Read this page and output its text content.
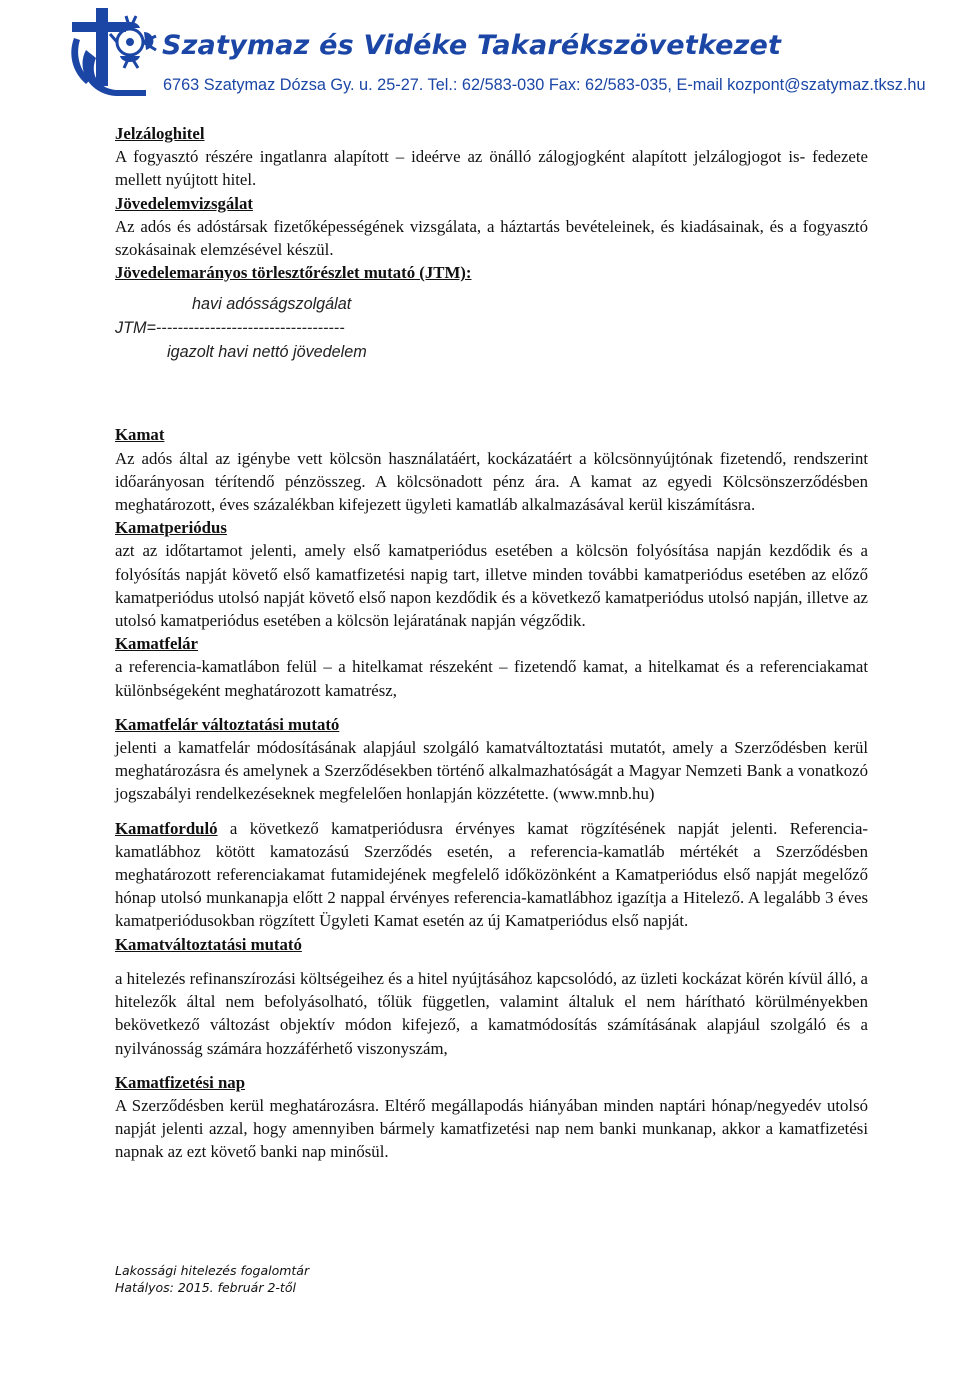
Szatymaz és Vidéke Takarékszövetkezet
6763 Szatymaz Dózsa Gy. u. 25-27. Tel.: 62/583-030 Fax: 62/583-035, E-mail kozpont@szatymaz.tksz.hu

Jelzáloghitel

A fogyasztó részére ingatlanra alapított – ideérve az önálló zálogjogként alapított jelzálogjogot is- fedezete mellett nyújtott hitel.

Jövedelemvizsgálat

Az adós és adóstársak fizetőképességének vizsgálata, a háztartás bevételeinek, és kiadásainak, és a fogyasztó szokásainak elemzésével készül.

Jövedelemarányos törlesztőrészlet mutató (JTM):

havi adósságszolgálat
JTM=-----------------------------------
igazolt havi nettó jövedelem

Kamat

Az adós által az igénybe vett kölcsön használatáért, kockázatáért a kölcsönnyújtónak fizetendő, rendszerint időarányosan térítendő pénzösszeg. A kölcsönadott pénz ára. A kamat az egyedi Kölcsönszerződésben meghatározott, éves százalékban kifejezett ügyleti kamatláb alkalmazásával kerül kiszámításra.

Kamatperiódus

azt az időtartamot jelenti, amely első kamatperiódus esetében a kölcsön folyósítása napján kezdődik és a folyósítás napját követő első kamatfizetési napig tart, illetve minden további kamatperiódus esetében az előző kamatperiódus utolsó napját követő első napon kezdődik és a következő kamatperiódus utolsó napján, illetve az utolsó kamatperiódus esetében a kölcsön lejáratának napján végződik.

Kamatfelár

a referencia-kamatlábon felül – a hitelkamat részeként – fizetendő kamat, a hitelkamat és a referenciakamat különbségeként meghatározott kamatrész,

Kamatfelár változtatási mutató

jelenti a kamatfelár módosításának alapjául szolgáló kamatváltoztatási mutatót, amely a Szerződésben kerül meghatározásra és amelynek a Szerződésekben történő alkalmazhatóságát a Magyar Nemzeti Bank a vonatkozó jogszabályi rendelkezéseknek megfelelően honlapján közzétette. (www.mnb.hu)

Kamatforduló a következő kamatperiódusra érvényes kamat rögzítésének napját jelenti. Referencia-kamatlábhoz kötött kamatozású Szerződés esetén, a referencia-kamatláb mértékét a Szerződésben meghatározott referenciakamat futamidejének megfelelő időközönként a Kamatperiódus első napját megelőző hónap utolsó munkanapja előtt 2 nappal érvényes referencia-kamatlábhoz igazítja a Hitelező. A legalább 3 éves kamatperiódusokban rögzített Ügyleti Kamat esetén az új Kamatperiódus első napját.

Kamatváltoztatási mutató

a hitelezés refinanszírozási költségeihez és a hitel nyújtásához kapcsolódó, az üzleti kockázat körén kívül álló, a hitelezők által nem befolyásolható, tőlük független, valamint általuk el nem hárítható körülményekben bekövetkező változást objektív módon kifejező, a kamatmódosítás számításának alapjául szolgáló és a nyilvánosság számára hozzáférhető viszonyszám,

Kamatfizetési nap

A Szerződésben kerül meghatározásra. Eltérő megállapodás hiányában minden naptári hónap/negyedév utolsó napját jelenti azzal, hogy amennyiben bármely kamatfizetési nap nem banki munkanap, akkor a kamatfizetési napnak az ezt követő banki nap minősül.

Lakossági hitelezés fogalomtár
Hatályos: 2015. február 2-től
